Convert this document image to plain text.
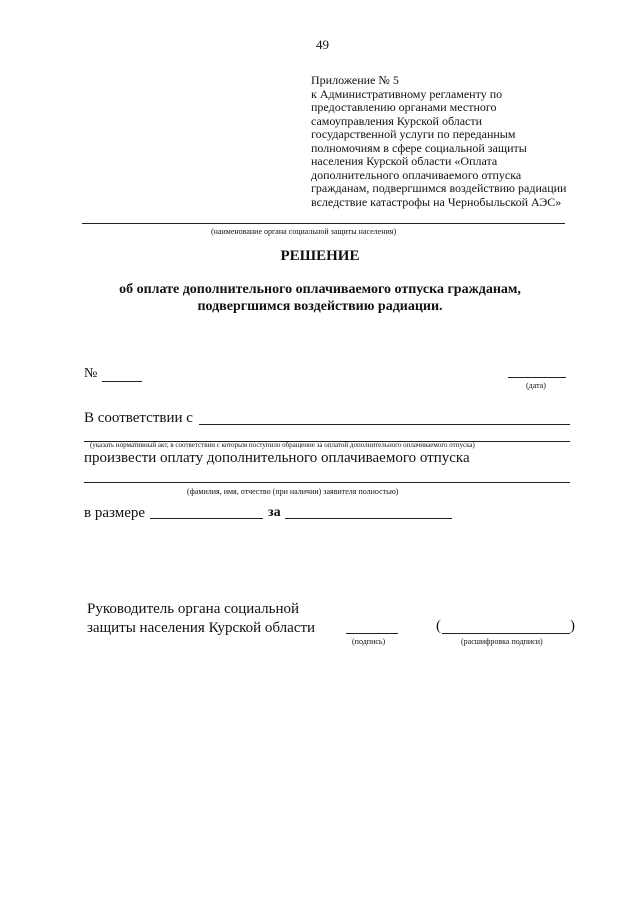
49
Приложение № 5
к Административному регламенту по
предоставлению органами местного
самоуправления Курской области
государственной услуги по переданным
полномочиям в сфере социальной защиты
населения Курской области «Оплата
дополнительного оплачиваемого отпуска
гражданам, подвергшимся воздействию радиации
вследствие катастрофы на Чернобыльской АЭС»
(наименование органа социальной защиты населения)
РЕШЕНИЕ
об оплате дополнительного оплачиваемого отпуска гражданам,
подвергшимся воздействию радиации.
№
(дата)
В соответствии с
(указать нормативный акт, в соответствии с которым поступило обращение за оплатой дополнительного оплачиваемого отпуска)
произвести оплату дополнительного оплачиваемого отпуска
(фамилия, имя, отчество (при наличии) заявителя полностью)
в размере	за
Руководитель органа социальной
защиты населения Курской области
(подпись)
(	)
(расшифровка подписи)
